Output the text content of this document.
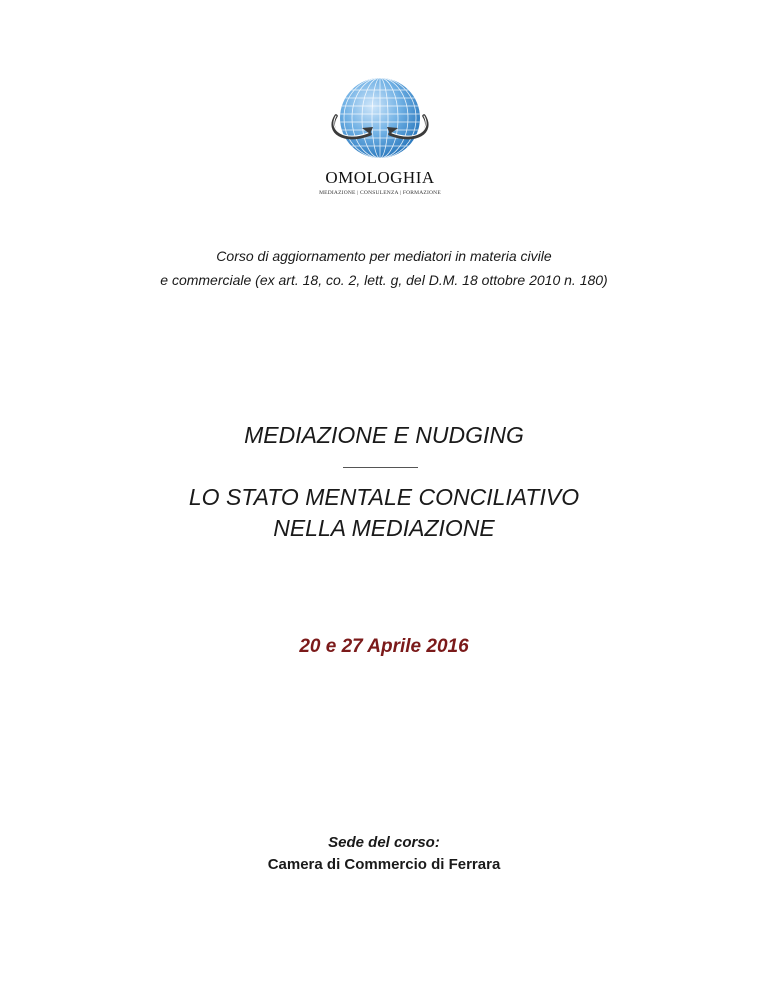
OMOLOGHIA
MEDIAZIONE | CONSULENZA | FORMAZIONE
Corso di aggiornamento per mediatori in materia civile
e commerciale (ex art. 18, co. 2, lett. g, del D.M. 18 ottobre 2010 n. 180)
MEDIAZIONE E NUDGING
LO STATO MENTALE CONCILIATIVO
NELLA MEDIAZIONE
20 e 27 Aprile 2016
Sede del corso:
Camera di Commercio di Ferrara
